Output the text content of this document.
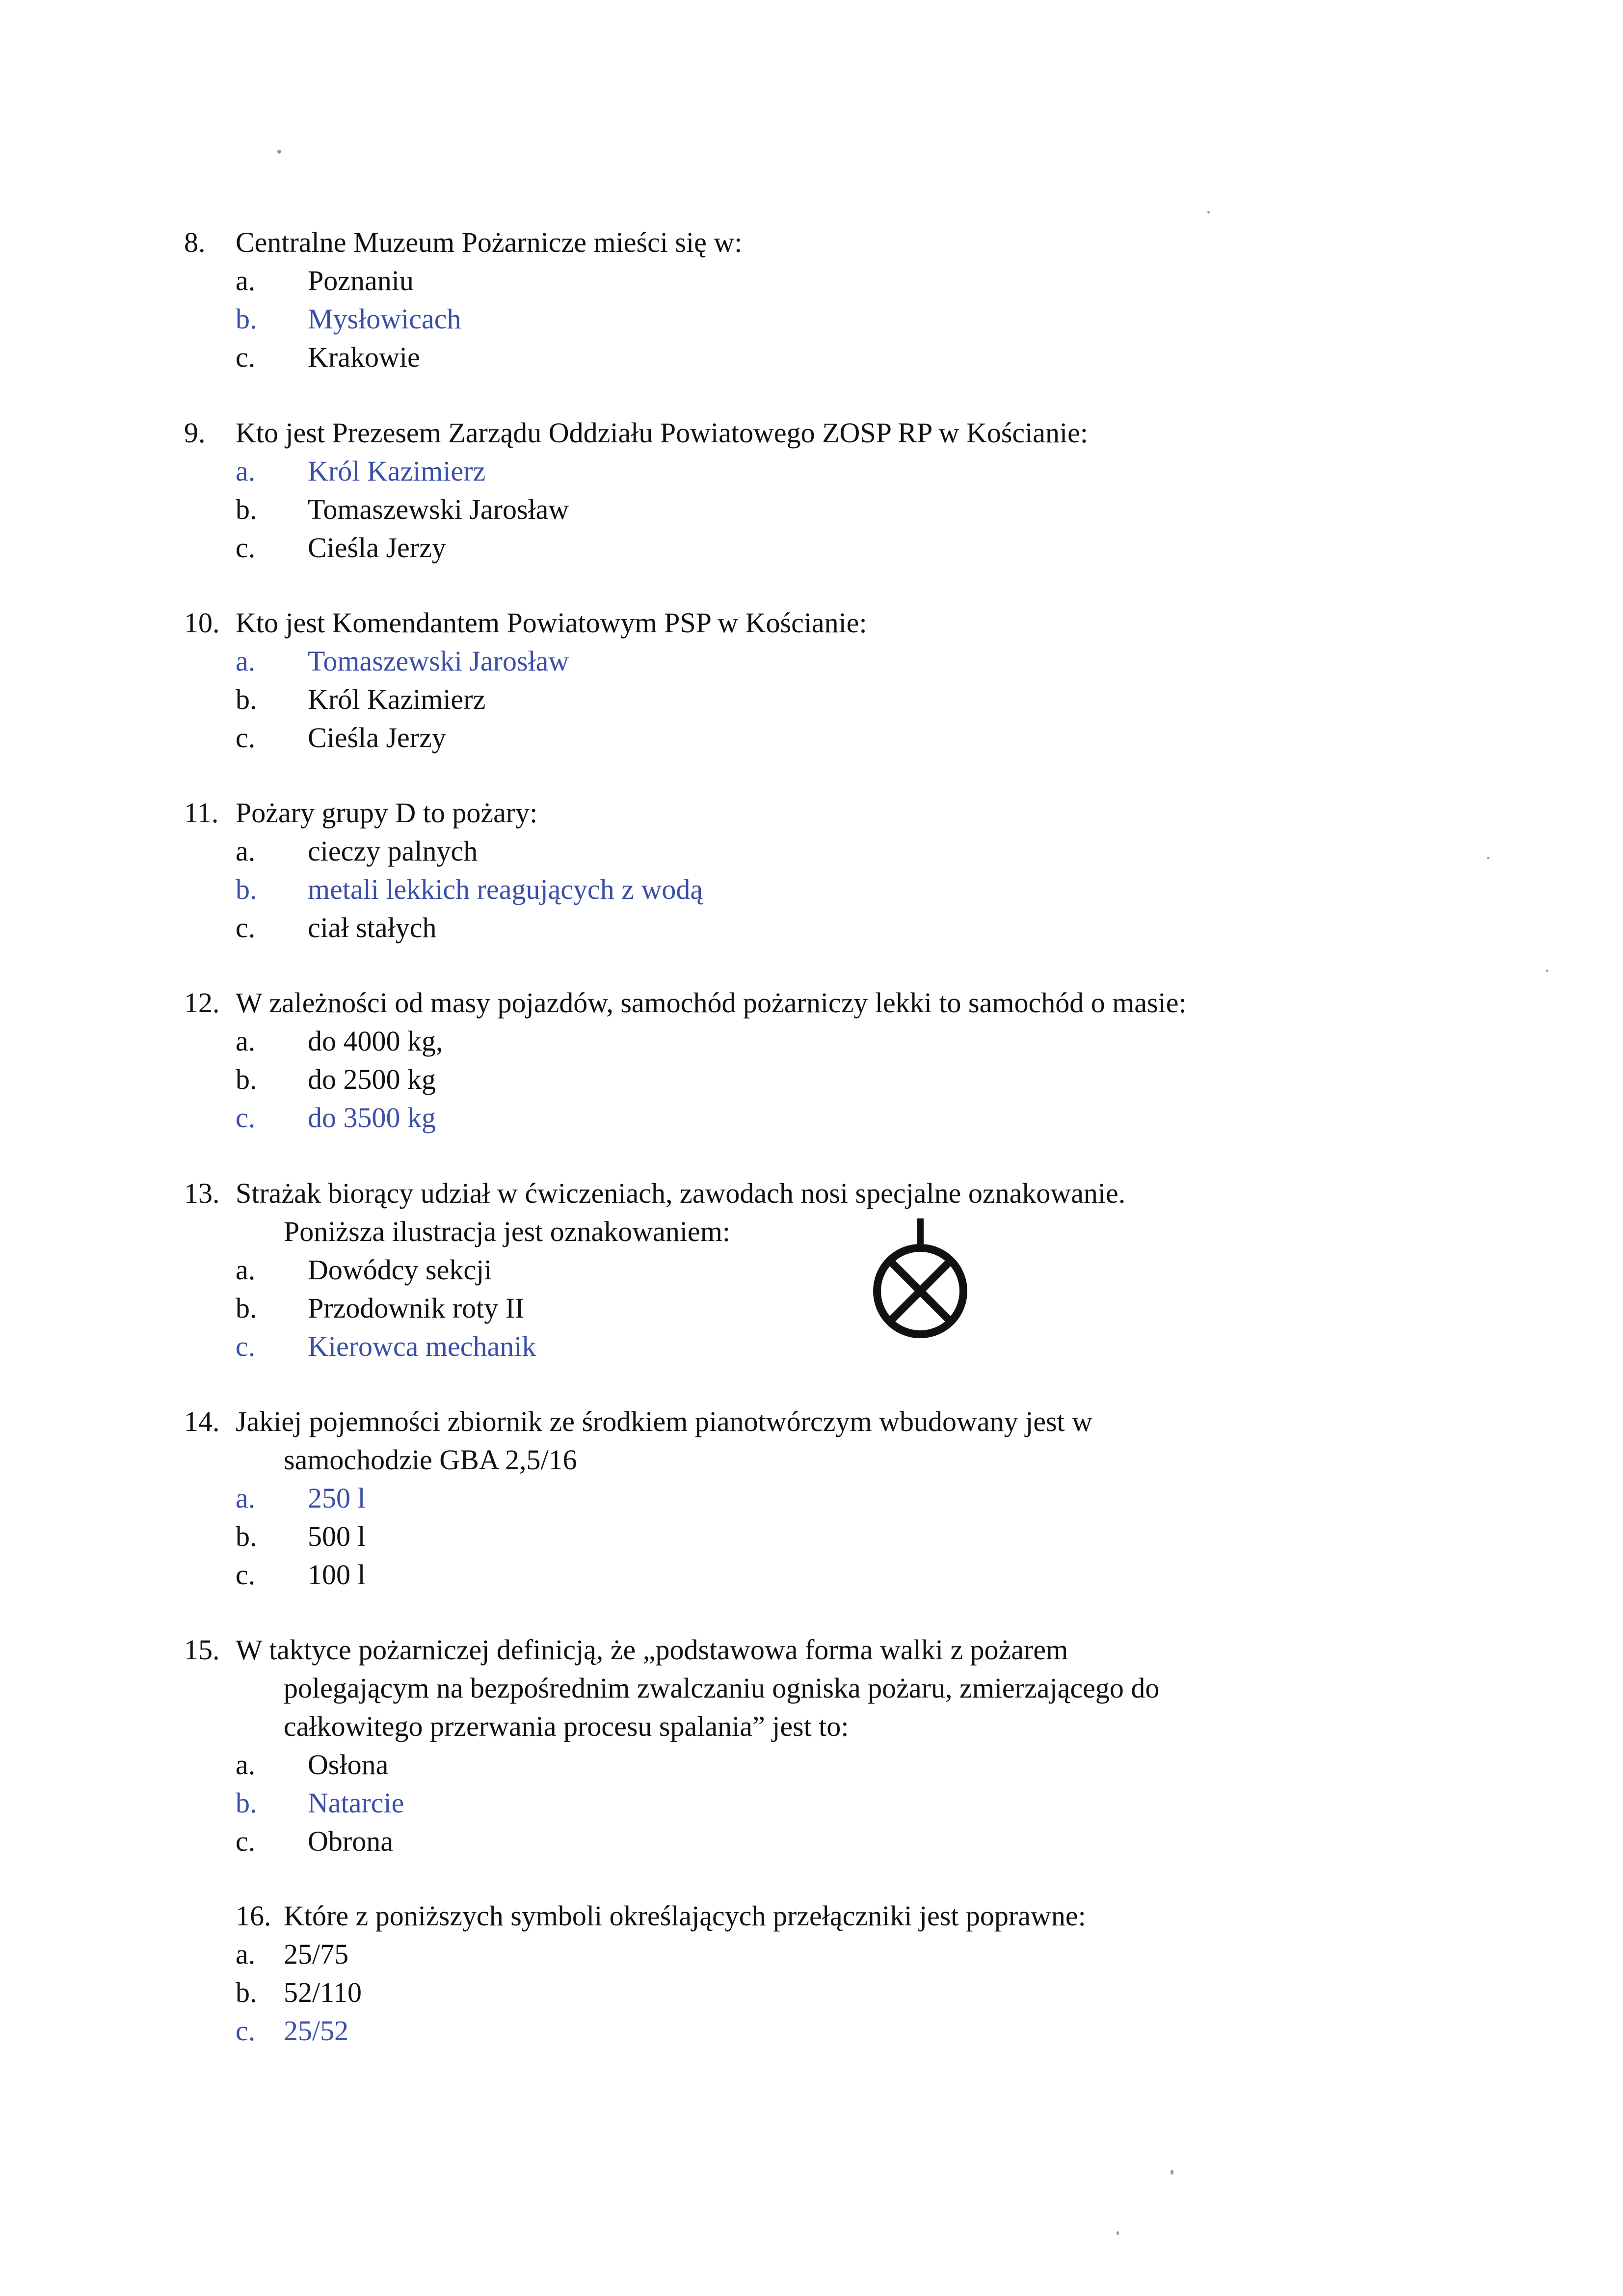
8. Centralne Muzeum Pożarnicze mieści się w:
a. Poznaniu
b. Mysłowicach
c. Krakowie
9. Kto jest Prezesem Zarządu Oddziału Powiatowego ZOSP RP w Kościanie:
a. Król Kazimierz
b. Tomaszewski Jarosław
c. Cieśla Jerzy
10. Kto jest Komendantem Powiatowym PSP w Kościanie:
a. Tomaszewski Jarosław
b. Król Kazimierz
c. Cieśla Jerzy
11. Pożary grupy D to pożary:
a. cieczy palnych
b. metali lekkich reagujących z wodą
c. ciał stałych
12. W zależności od masy pojazdów, samochód pożarniczy lekki to samochód o masie:
a. do 4000 kg,
b. do 2500 kg
c. do 3500 kg
13. Strażak biorący udział w ćwiczeniach, zawodach nosi specjalne oznakowanie.
Poniższa ilustracja jest oznakowaniem:
a. Dowódcy sekcji
b. Przodownik roty II
c. Kierowca mechanik
14. Jakiej pojemności zbiornik ze środkiem pianotwórczym wbudowany jest w
samochodzie GBA 2,5/16
a. 250 l
b. 500 l
c. 100 l
15. W taktyce pożarniczej definicją, że „podstawowa forma walki z pożarem
polegającym na bezpośrednim zwalczaniu ogniska pożaru, zmierzającego do
całkowitego przerwania procesu spalania” jest to:
a. Osłona
b. Natarcie
c. Obrona
16. Które z poniższych symboli określających przełączniki jest poprawne:
a. 25/75
b. 52/110
c. 25/52
